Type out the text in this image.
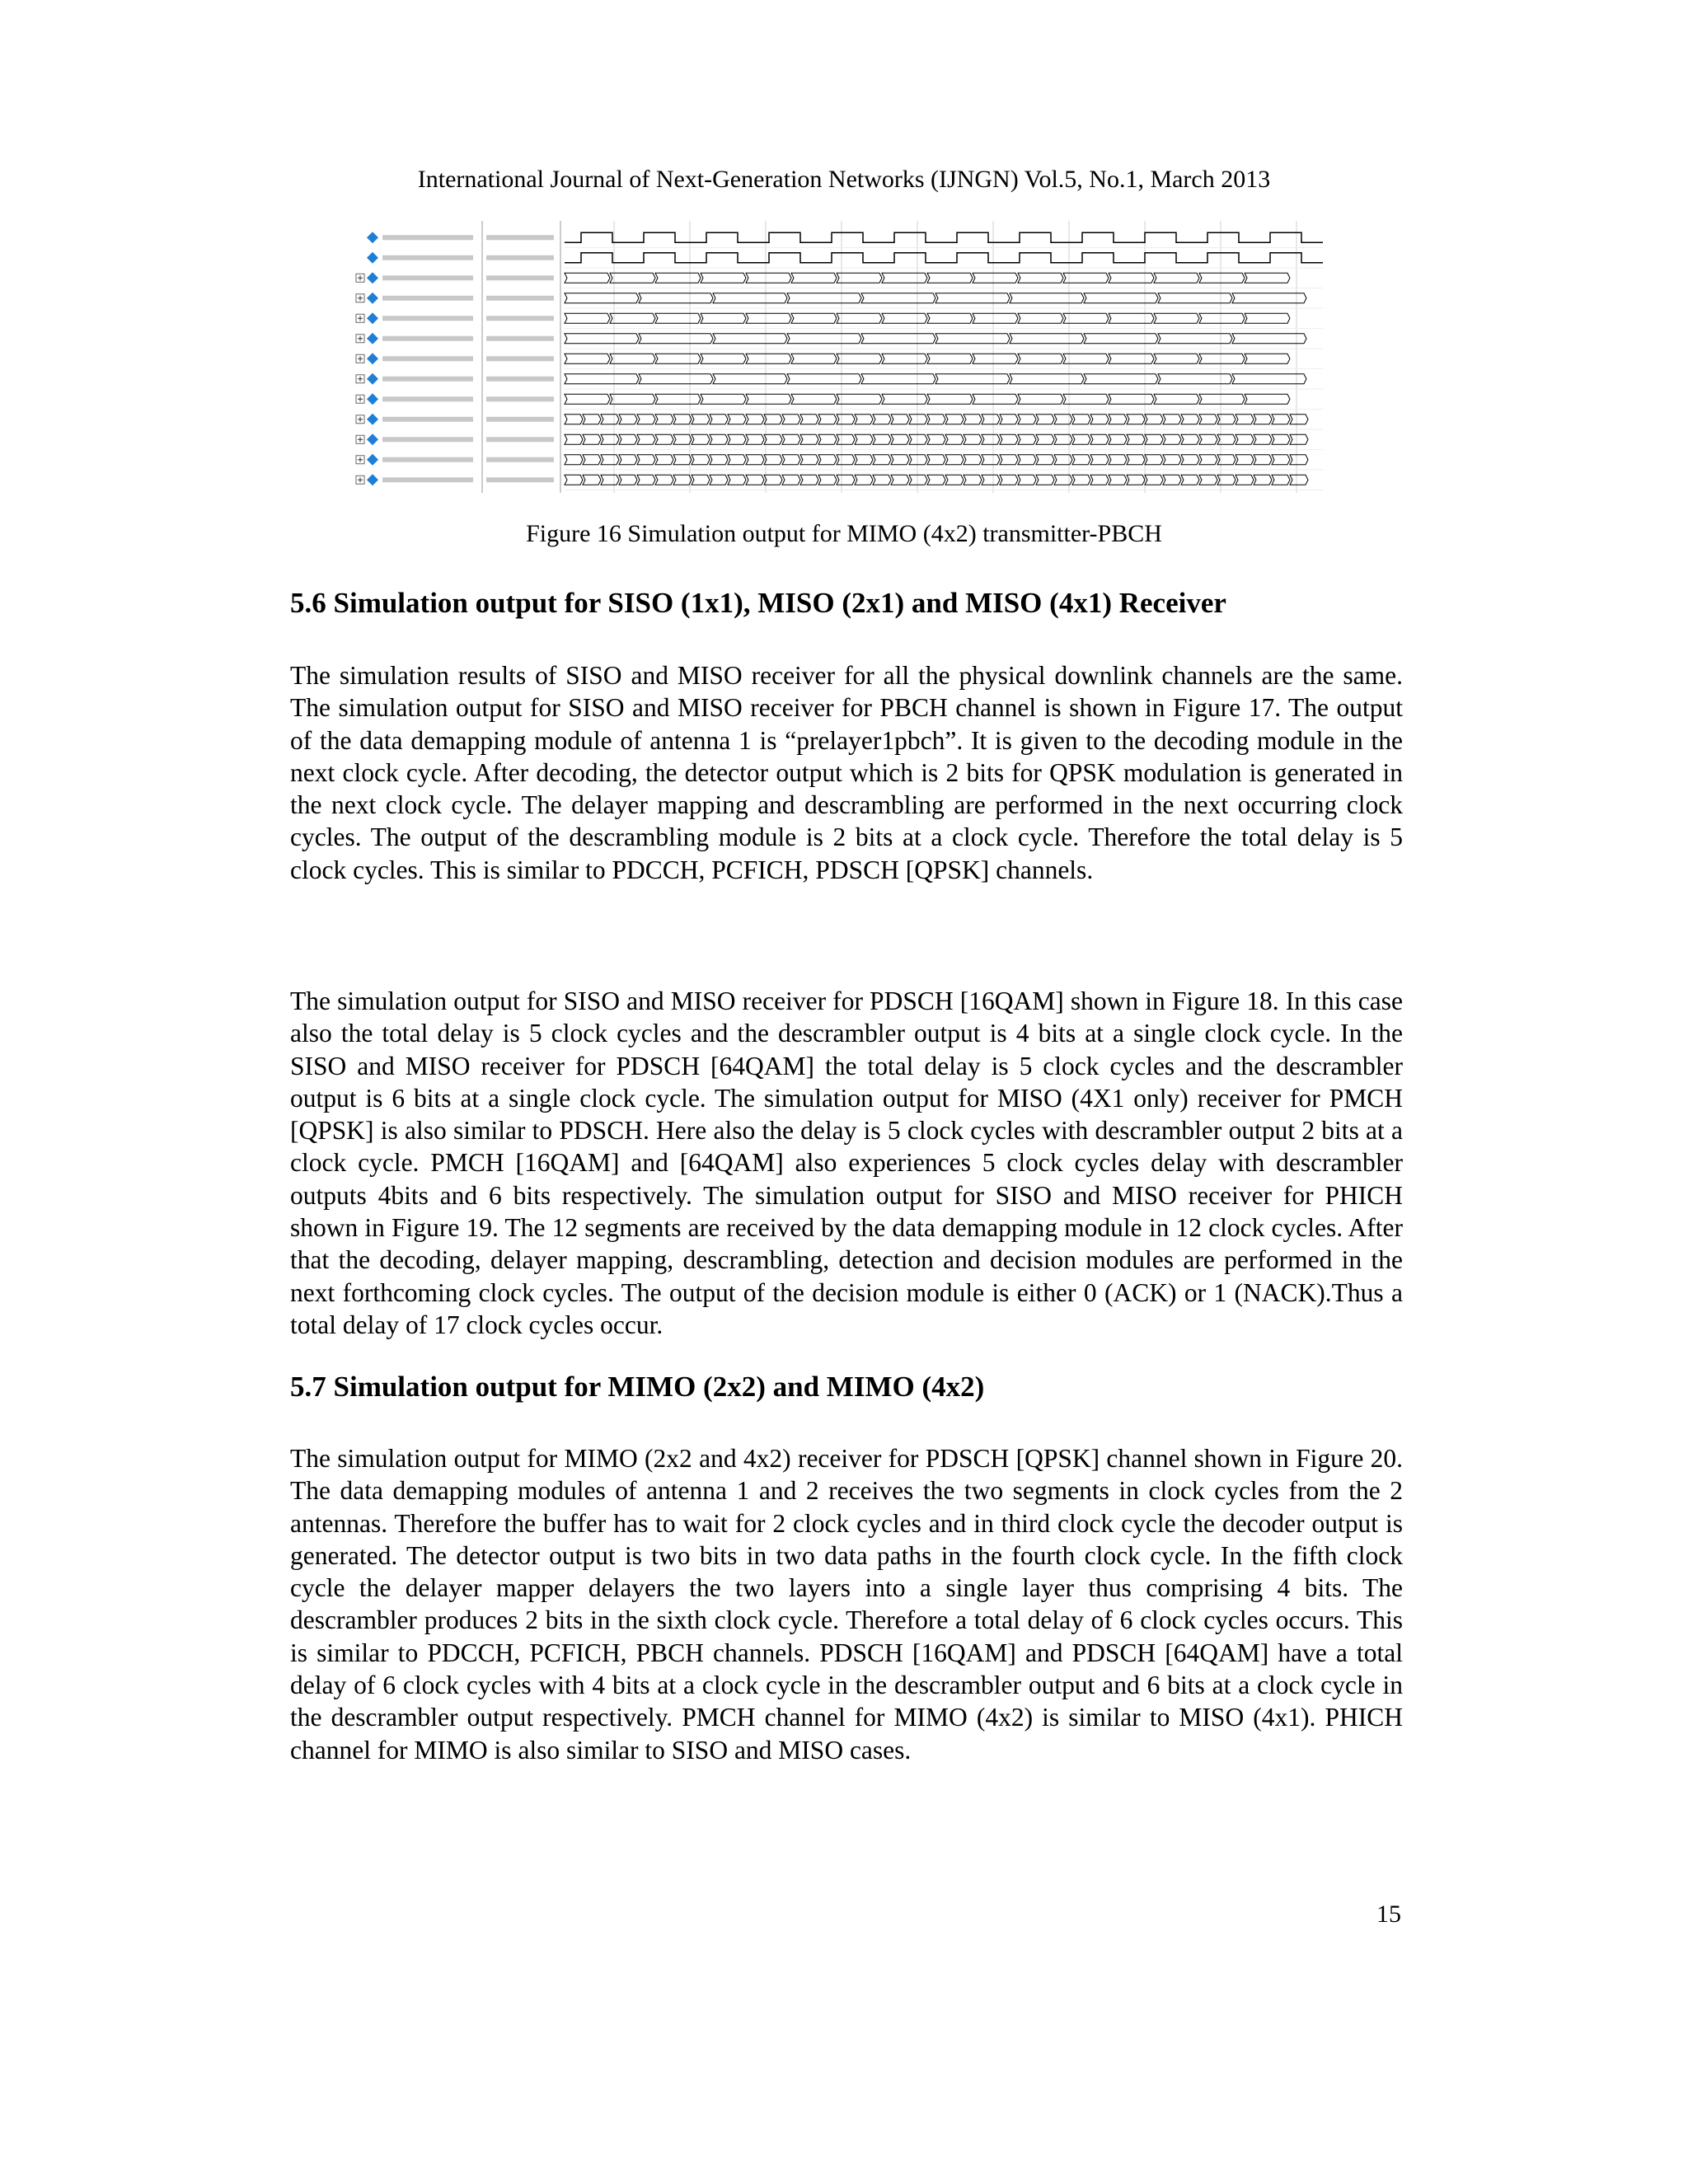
International Journal of Next-Generation Networks (IJNGN) Vol.5, No.1, March 2013
Figure 16 Simulation output for MIMO (4x2) transmitter-PBCH
5.6 Simulation output for SISO (1x1), MISO (2x1) and MISO (4x1) Receiver

The simulation results of SISO and MISO receiver for all the physical downlink channels are the same. The simulation output for SISO and MISO receiver for PBCH channel is shown in Figure 17. The output of the data demapping module of antenna 1 is “prelayer1pbch”. It is given to the decoding module in the next clock cycle. After decoding, the detector output which is 2 bits for QPSK modulation is generated in the next clock cycle. The delayer mapping and descrambling are performed in the next occurring clock cycles. The output of the descrambling module is 2 bits at a clock cycle. Therefore the total delay is 5 clock cycles. This is similar to PDCCH, PCFICH, PDSCH [QPSK] channels.

The simulation output for SISO and MISO receiver for PDSCH [16QAM] shown in Figure 18. In this case also the total delay is 5 clock cycles and the descrambler output is 4 bits at a single clock cycle. In the SISO and MISO receiver for PDSCH [64QAM] the total delay is 5 clock cycles and the descrambler output is 6 bits at a single clock cycle. The simulation output for MISO (4X1 only) receiver for PMCH [QPSK] is also similar to PDSCH. Here also the delay is 5 clock cycles with descrambler output 2 bits at a clock cycle. PMCH [16QAM] and [64QAM] also experiences 5 clock cycles delay with descrambler outputs 4bits and 6 bits respectively. The simulation output for SISO and MISO receiver for PHICH shown in Figure 19. The 12 segments are received by the data demapping module in 12 clock cycles. After that the decoding, delayer mapping, descrambling, detection and decision modules are performed in the next forthcoming clock cycles. The output of the decision module is either 0 (ACK) or 1 (NACK).Thus a total delay of 17 clock cycles occur.

5.7 Simulation output for MIMO (2x2) and MIMO (4x2)

The simulation output for MIMO (2x2 and 4x2) receiver for PDSCH [QPSK] channel shown in Figure 20. The data demapping modules of antenna 1 and 2 receives the two segments in clock cycles from the 2 antennas. Therefore the buffer has to wait for 2 clock cycles and in third clock cycle the decoder output is generated. The detector output is two bits in two data paths in the fourth clock cycle. In the fifth clock cycle the delayer mapper delayers the two layers into a single layer thus comprising 4 bits. The descrambler produces 2 bits in the sixth clock cycle. Therefore a total delay of 6 clock cycles occurs. This is similar to PDCCH, PCFICH, PBCH channels. PDSCH [16QAM] and PDSCH [64QAM] have a total delay of 6 clock cycles with 4 bits at a clock cycle in the descrambler output and 6 bits at a clock cycle in the descrambler output respectively. PMCH channel for MIMO (4x2) is similar to MISO (4x1). PHICH channel for MIMO is also similar to SISO and MISO cases.

15
